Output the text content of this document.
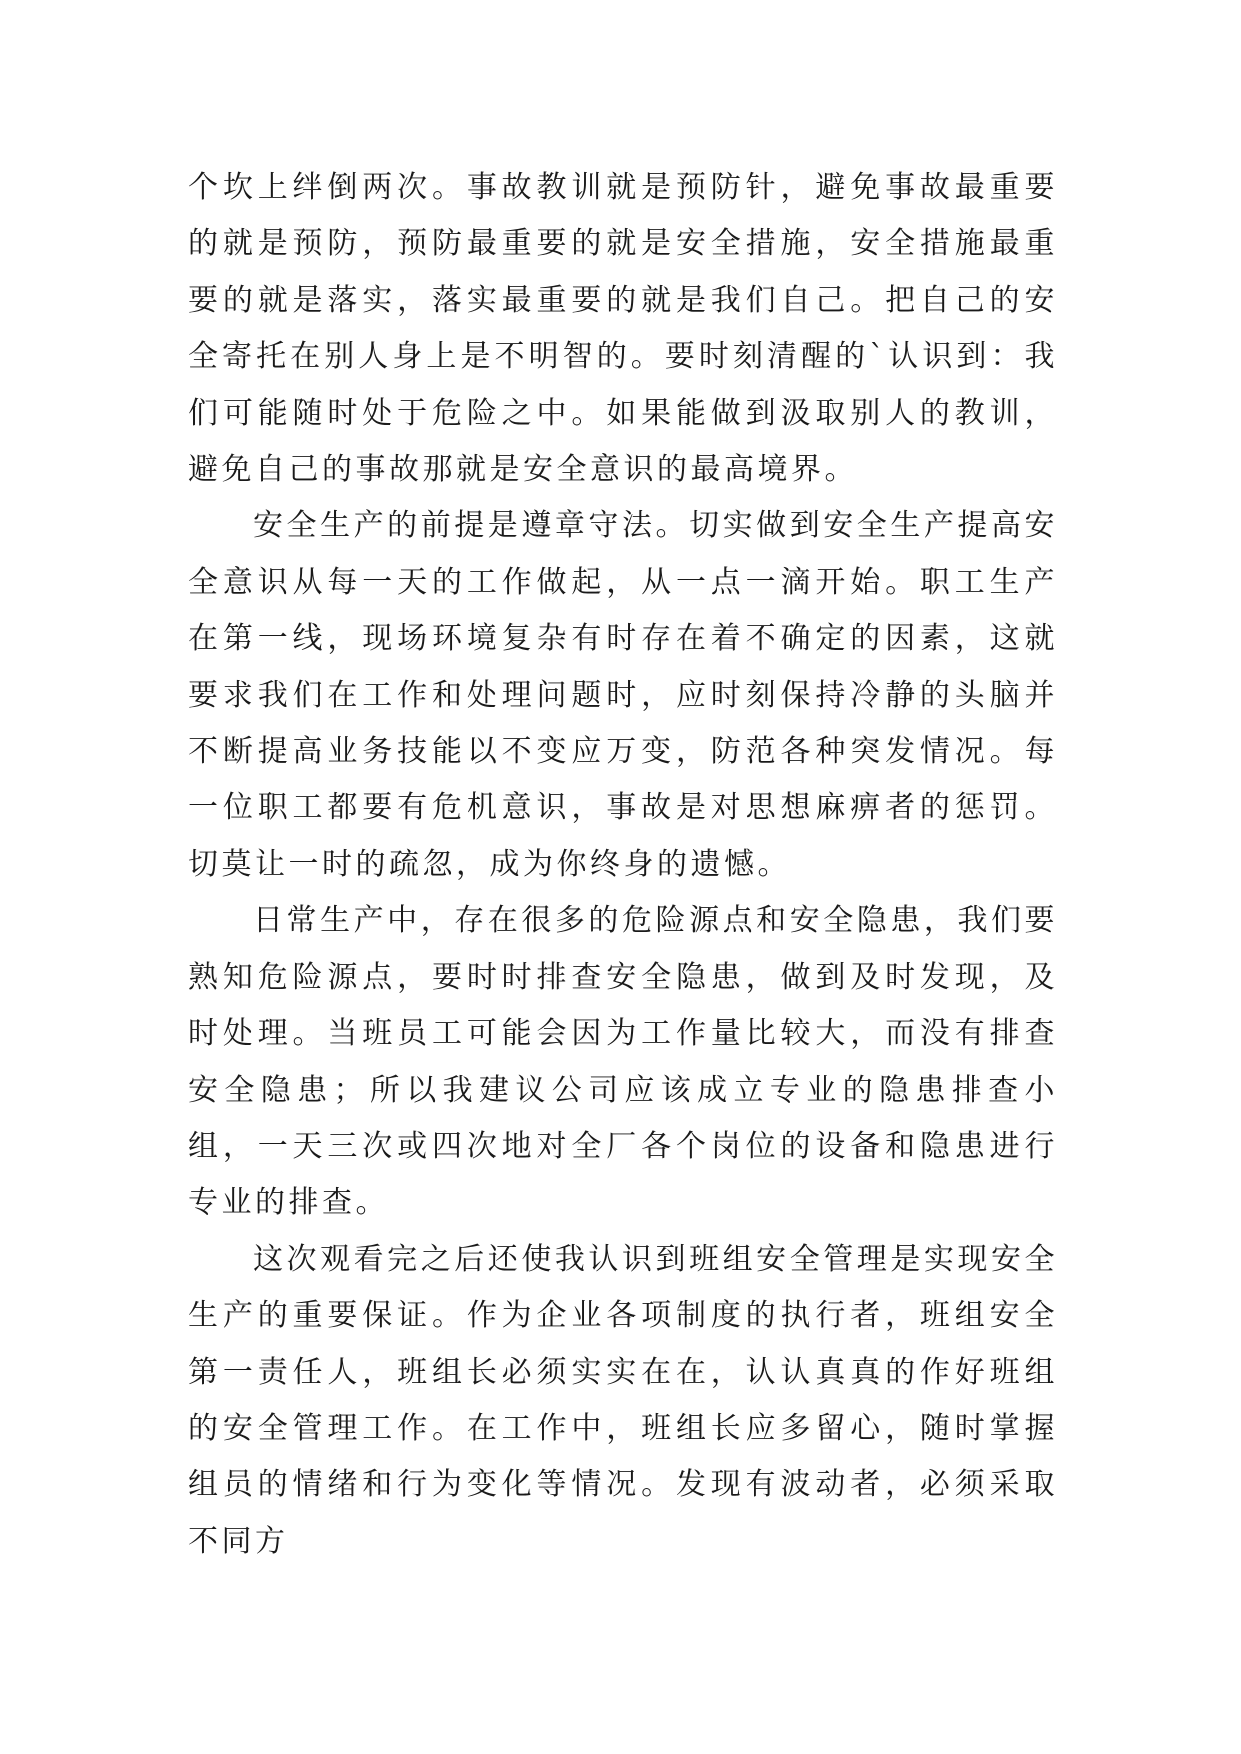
个坎上绊倒两次。事故教训就是预防针，避免事故最重要的就是预防，预防最重要的就是安全措施，安全措施最重要的就是落实，落实最重要的就是我们自己。把自己的安全寄托在别人身上是不明智的。要时刻清醒的`认识到：我们可能随时处于危险之中。如果能做到汲取别人的教训，避免自己的事故那就是安全意识的最高境界。

安全生产的前提是遵章守法。切实做到安全生产提高安全意识从每一天的工作做起，从一点一滴开始。职工生产在第一线，现场环境复杂有时存在着不确定的因素，这就要求我们在工作和处理问题时，应时刻保持冷静的头脑并不断提高业务技能以不变应万变，防范各种突发情况。每一位职工都要有危机意识，事故是对思想麻痹者的惩罚。切莫让一时的疏忽，成为你终身的遗憾。

日常生产中，存在很多的危险源点和安全隐患，我们要熟知危险源点，要时时排查安全隐患，做到及时发现，及时处理。当班员工可能会因为工作量比较大，而没有排查安全隐患；所以我建议公司应该成立专业的隐患排查小组，一天三次或四次地对全厂各个岗位的设备和隐患进行专业的排查。

这次观看完之后还使我认识到班组安全管理是实现安全生产的重要保证。作为企业各项制度的执行者，班组安全第一责任人，班组长必须实实在在，认认真真的作好班组的安全管理工作。在工作中，班组长应多留心，随时掌握组员的情绪和行为变化等情况。发现有波动者，必须采取不同方
